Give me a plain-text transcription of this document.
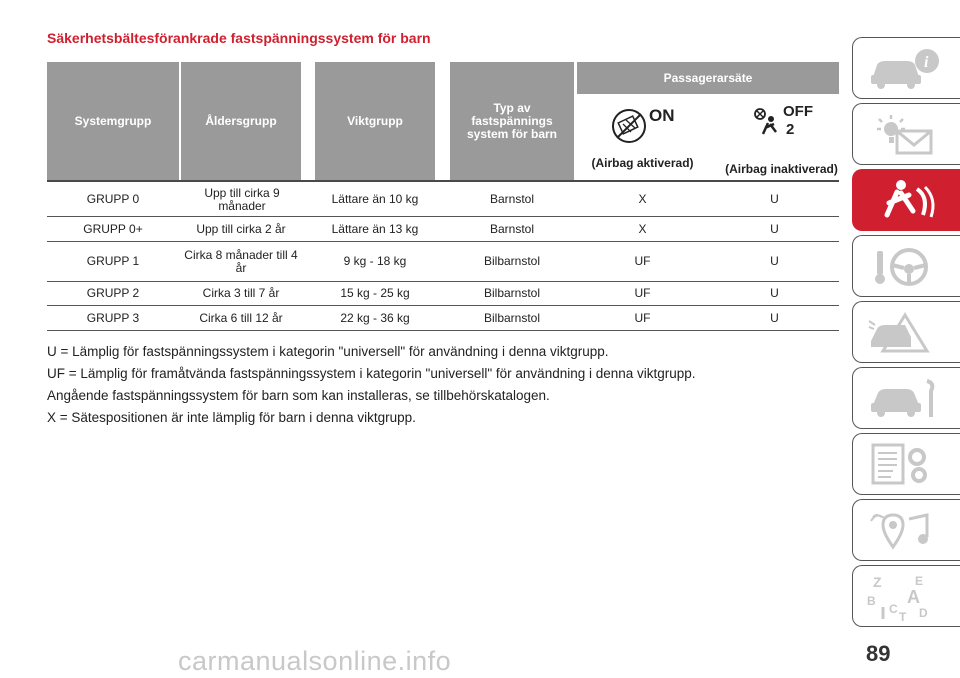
Säkerhetsbältesförankrade fastspänningssystem för barn
Systemgrupp	Åldersgrupp	Viktgrupp
Typ av fastspännings system för barn
Passagerarsäte
ON
(Airbag aktiverad)
OFF
2
(Airbag inaktiverad)
GRUPP 0	Upp till cirka 9 månader	Lättare än 10 kg	Barnstol	X	U
GRUPP 0+	Upp till cirka 2 år	Lättare än 13 kg	Barnstol	X	U
GRUPP 1	Cirka 8 månader till 4 år	9 kg - 18 kg	Bilbarnstol	UF	U
GRUPP 2	Cirka 3 till 7 år	15 kg - 25 kg	Bilbarnstol	UF	U
GRUPP 3	Cirka 6 till 12 år	22 kg - 36 kg	Bilbarnstol	UF	U

U = Lämplig för fastspänningssystem i kategorin "universell" för användning i denna viktgrupp.

UF = Lämplig för framåtvända fastspänningssystem i kategorin "universell" för användning i denna viktgrupp.

Angående fastspänningssystem för barn som kan installeras, se tillbehörskatalogen.

X = Sätespositionen är inte lämplig för barn i denna viktgrupp.

i
Z	E
B A
C D
T
89
carmanualsonline.info
